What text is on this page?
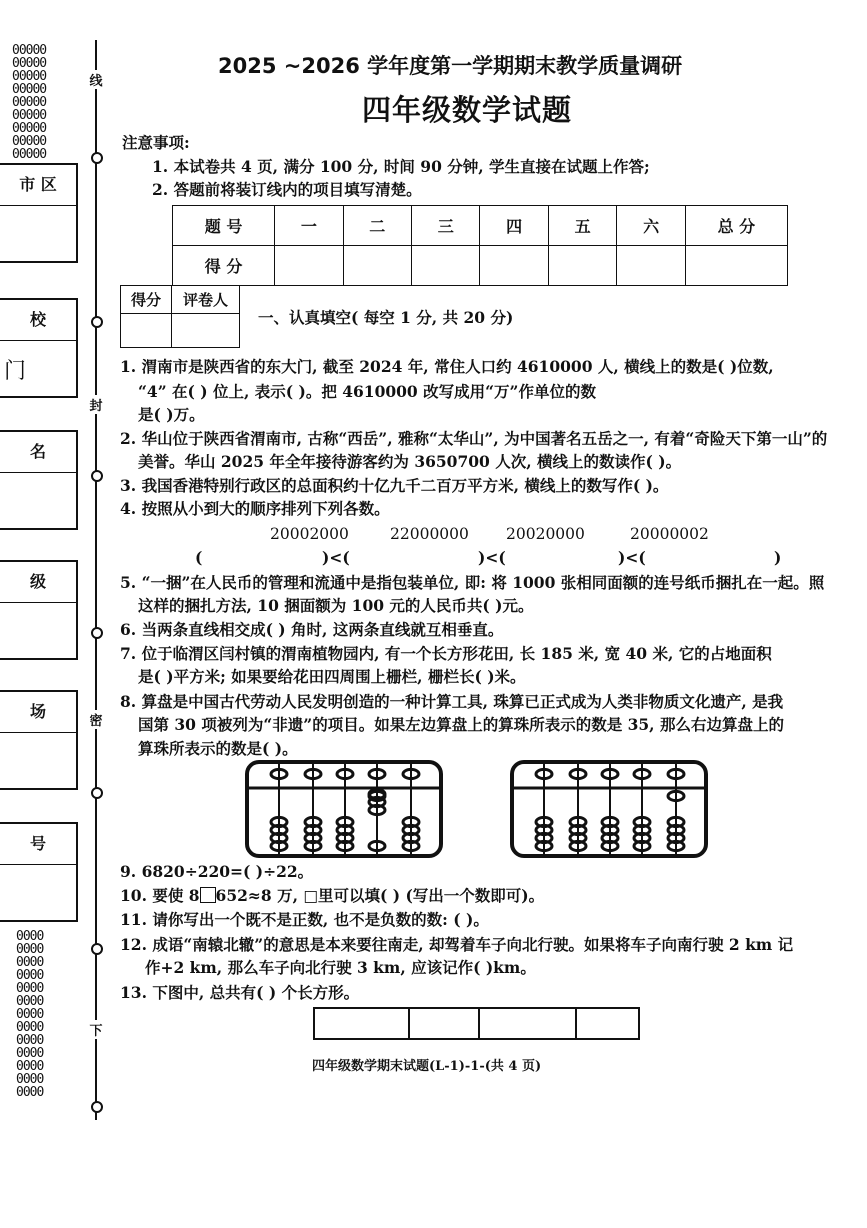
00000
00000
00000
00000
00000
00000
00000
00000
00000
0000
0000
0000
0000
0000
0000
0000
0000
0000
0000
0000
0000
0000
线
封
密
下
市 区
校
门
名
级
场
号
2025 ~2026 学年度第一学期期末教学质量调研
四年级数学试题
注意事项:
1. 本试卷共 4 页, 满分 100 分, 时间 90 分钟, 学生直接在试题上作答;
2. 答题前将装订线内的项目填写清楚。
题 号	一	二	三	四	五	六	总 分
得 分							
得分	评卷人

一、认真填空( 每空 1 分, 共 20 分)
1. 渭南市是陕西省的东大门, 截至 2024 年, 常住人口约 4610000 人, 横线上的数是( )位数,
“4” 在( ) 位上, 表示( )。把 4610000 改写成用“万”作单位的数
是( )万。
2. 华山位于陕西省渭南市, 古称“西岳”, 雅称“太华山”, 为中国著名五岳之一, 有着“奇险天下第一山”的
美誉。华山 2025 年全年接待游客约为 3650700 人次, 横线上的数读作( )。
3. 我国香港特别行政区的总面积约十亿九千二百万平方米, 横线上的数写作( )。
4. 按照从小到大的顺序排列下列各数。
20002000	22000000 20020000	20000002
(	)<(	)<(	)<(	)
5. “一捆”在人民币的管理和流通中是指包装单位, 即: 将 1000 张相同面额的连号纸币捆扎在一起。照
这样的捆扎方法, 10 捆面额为 100 元的人民币共( )元。
6. 当两条直线相交成( ) 角时, 这两条直线就互相垂直。
7. 位于临渭区闫村镇的渭南植物园内, 有一个长方形花田, 长 185 米, 宽 40 米, 它的占地面积
是( )平方米; 如果要给花田四周围上栅栏, 栅栏长( )米。
8. 算盘是中国古代劳动人民发明创造的一种计算工具, 珠算已正式成为人类非物质文化遗产, 是我
国第 30 项被列为“非遗”的项目。如果左边算盘上的算珠所表示的数是 35, 那么右边算盘上的
算珠所表示的数是( )。
9. 6820÷220=( )÷22。
10. 要使 8 652≈8 万, □里可以填( ) (写出一个数即可)。
11. 请你写出一个既不是正数, 也不是负数的数: ( )。
12. 成语“南辕北辙”的意思是本来要往南走, 却驾着车子向北行驶。如果将车子向南行驶 2 km 记
作+2 km, 那么车子向北行驶 3 km, 应该记作( )km。
13. 下图中, 总共有( ) 个长方形。
四年级数学期末试题(L-1)-1-(共 4 页)
